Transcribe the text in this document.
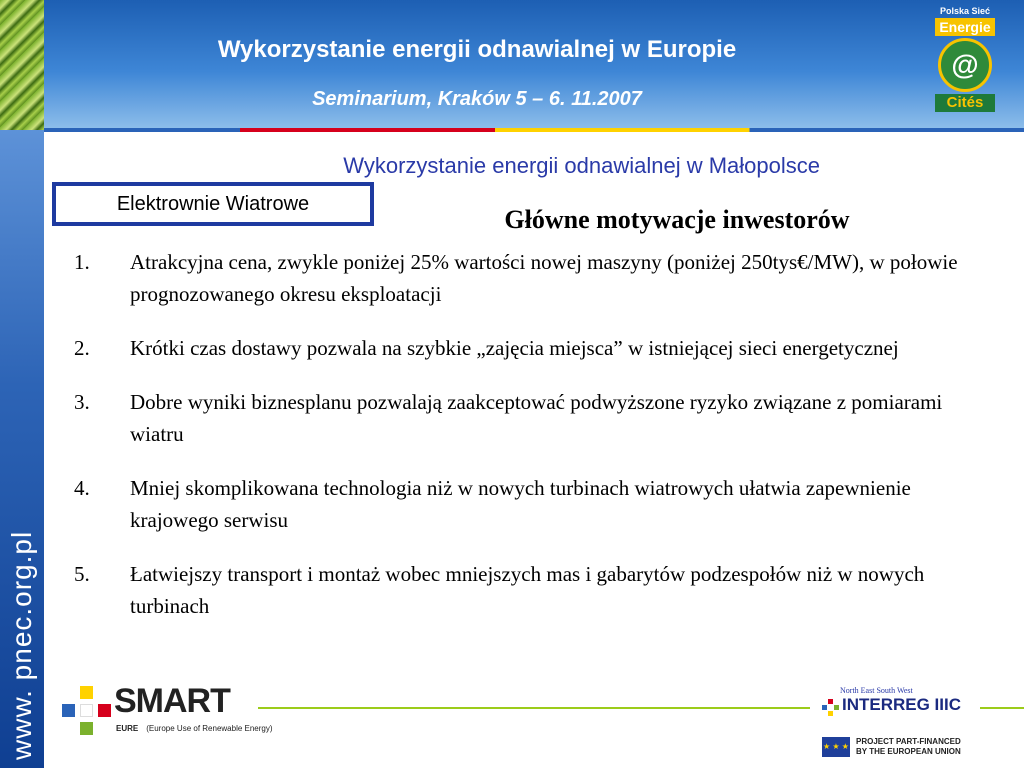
Wykorzystanie energii odnawialnej w Europie
Seminarium, Kraków 5 – 6. 11.2007
Polska Sieć
Energie
@
Cités
www. pnec.org.pl
Wykorzystanie energii odnawialnej w Małopolsce
Elektrownie Wiatrowe
Główne motywacje inwestorów
1. Atrakcyjna cena, zwykle poniżej 25% wartości nowej maszyny (poniżej 250tys€/MW), w połowie prognozowanego okresu eksploatacji
2. Krótki czas dostawy pozwala na szybkie „zajęcia miejsca” w istniejącej sieci energetycznej
3. Dobre wyniki biznesplanu pozwalają zaakceptować podwyższone ryzyko związane z pomiarami wiatru
4. Mniej skomplikowana technologia niż w nowych turbinach wiatrowych ułatwia zapewnienie krajowego serwisu
5. Łatwiejszy transport i montaż wobec mniejszych mas i gabarytów podzespołów niż w nowych turbinach
SMART
EURE (Europe Use of Renewable Energy)
North East South West
INTERREG IIIC
★ ★ ★
PROJECT PART-FINANCED
BY THE EUROPEAN UNION
